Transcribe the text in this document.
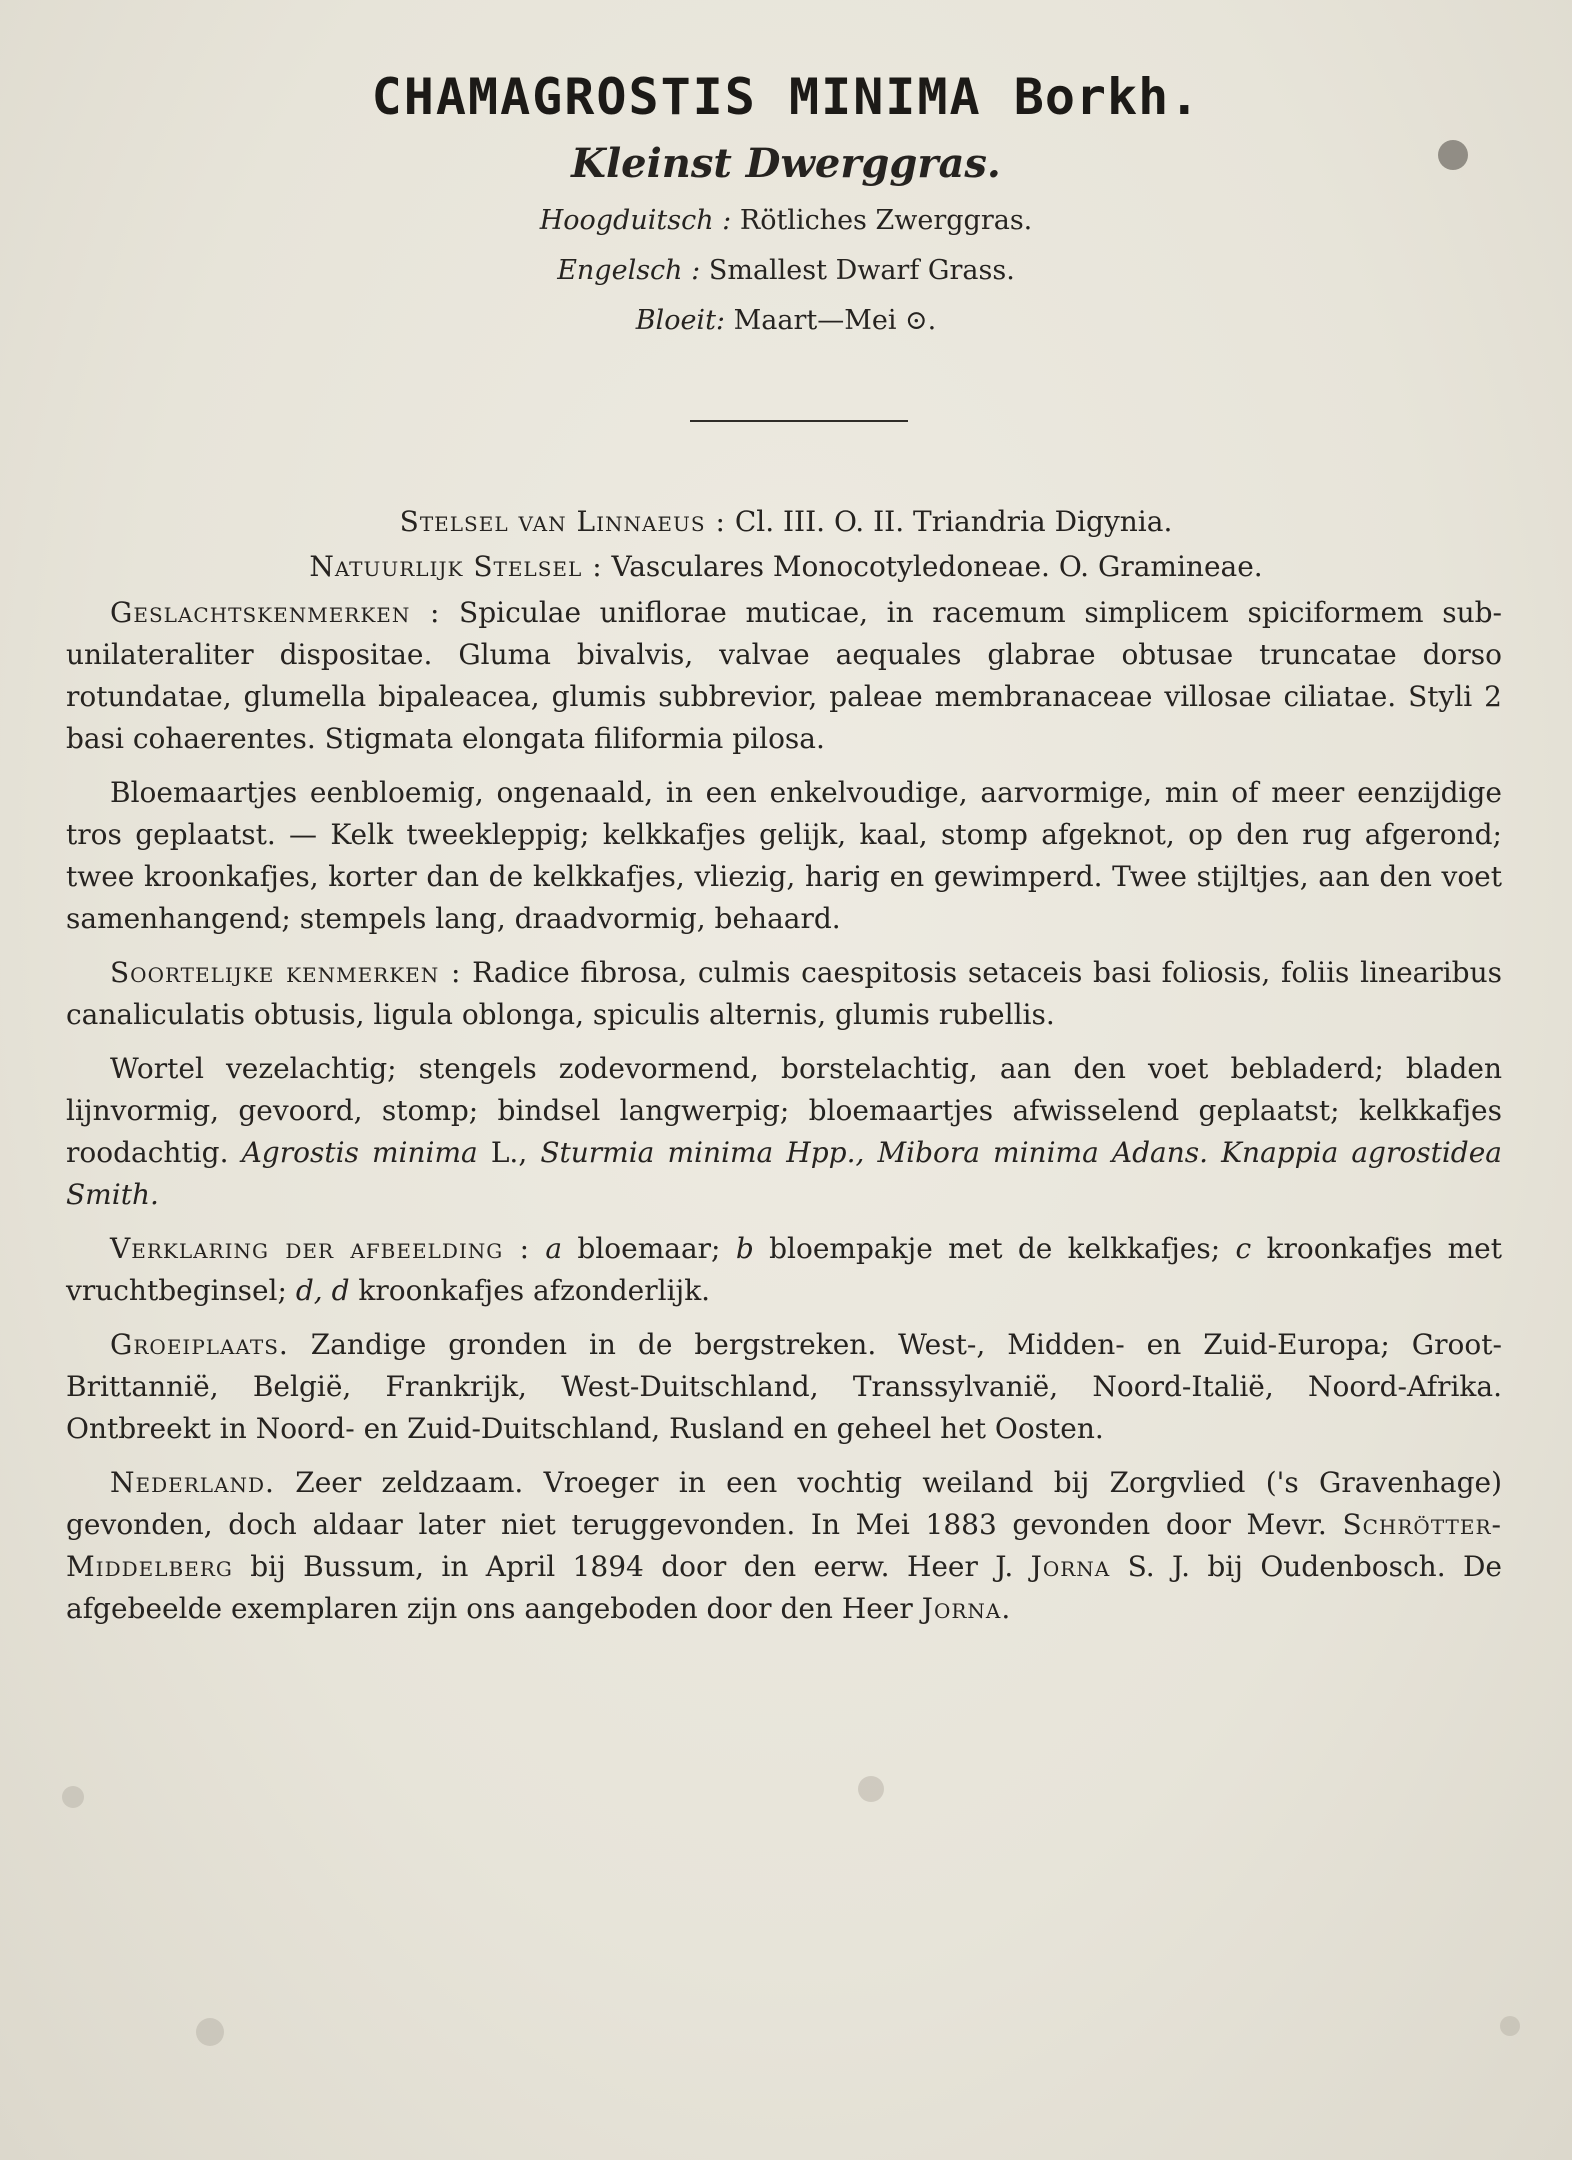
CHAMAGROSTIS MINIMA Borkh.
Kleinst Dwerggras.
Hoogduitsch : Rötliches Zwerggras.
Engelsch : Smallest Dwarf Grass.
Bloeit: Maart—Mei ⊙.
Stelsel van Linnaeus : Cl. III. O. II. Triandria Digynia.
Natuurlijk Stelsel : Vasculares Monocotyledoneae. O. Gramineae.

Geslachtskenmerken : Spiculae uniflorae muticae, in racemum simplicem spiciformem sub-unilateraliter dispositae. Gluma bivalvis, valvae aequales glabrae obtusae truncatae dorso rotundatae, glumella bipaleacea, glumis subbrevior, paleae membranaceae villosae ciliatae. Styli 2 basi cohaerentes. Stigmata elongata filiformia pilosa.

Bloemaartjes eenbloemig, ongenaald, in een enkelvoudige, aarvormige, min of meer eenzijdige tros geplaatst. — Kelk tweekleppig; kelkkafjes gelijk, kaal, stomp afgeknot, op den rug afgerond; twee kroonkafjes, korter dan de kelkkafjes, vliezig, harig en gewimperd. Twee stijltjes, aan den voet samenhangend; stempels lang, draadvormig, behaard.

Soortelijke kenmerken : Radice fibrosa, culmis caespitosis setaceis basi foliosis, foliis linearibus canaliculatis obtusis, ligula oblonga, spiculis alternis, glumis rubellis.

Wortel vezelachtig; stengels zodevormend, borstelachtig, aan den voet bebladerd; bladen lijnvormig, gevoord, stomp; bindsel langwerpig; bloemaartjes afwisselend geplaatst; kelkkafjes roodachtig. Agrostis minima L., Sturmia minima Hpp., Mibora minima Adans. Knappia agrostidea Smith.

Verklaring der afbeelding : a bloemaar; b bloempakje met de kelkkafjes; c kroonkafjes met vruchtbeginsel; d, d kroonkafjes afzonderlijk.

Groeiplaats. Zandige gronden in de bergstreken. West-, Midden- en Zuid-Europa; Groot-Brittannië, België, Frankrijk, West-Duitschland, Transsylvanië, Noord-Italië, Noord-Afrika. Ontbreekt in Noord- en Zuid-Duitschland, Rusland en geheel het Oosten.

Nederland. Zeer zeldzaam. Vroeger in een vochtig weiland bij Zorgvlied ('s Gravenhage) gevonden, doch aldaar later niet teruggevonden. In Mei 1883 gevonden door Mevr. Schrötter-Middelberg bij Bussum, in April 1894 door den eerw. Heer J. Jorna S. J. bij Oudenbosch. De afgebeelde exemplaren zijn ons aangeboden door den Heer Jorna.
